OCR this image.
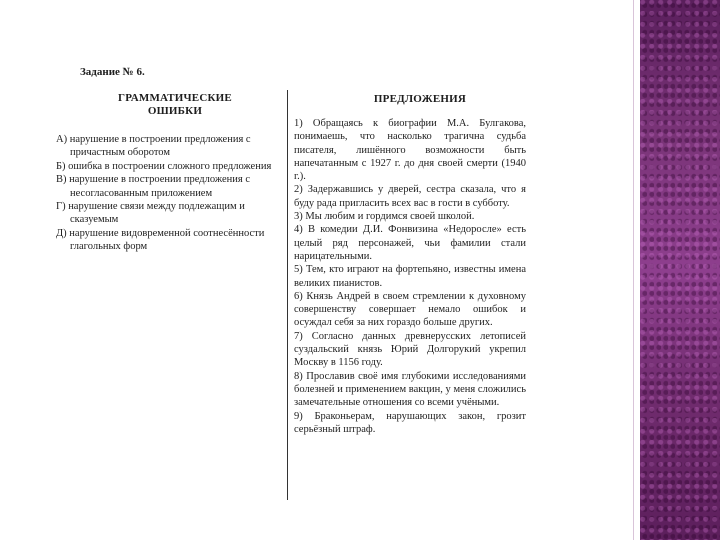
Задание № 6.

ГРАММАТИЧЕСКИЕ ОШИБКИ
ПРЕДЛОЖЕНИЯ
А) нарушение в построении предложения с причастным оборотом
Б) ошибка в построении сложного предложения
В) нарушение в построении предложения с несогласованным приложением
Г) нарушение связи между подлежащим и сказуемым
Д) нарушение видовременной соотнесённости глагольных форм
1) Обращаясь к биографии М.А. Булгакова, понимаешь, что насколько трагична судьба писателя, лишённого возможности быть напечатанным с 1927 г. до дня своей смерти (1940 г.).
2) Задержавшись у дверей, сестра сказала, что я буду рада пригласить всех вас в гости в субботу.
3) Мы любим и гордимся своей школой.
4) В комедии Д.И. Фонвизина «Недоросле» есть целый ряд персонажей, чьи фамилии стали нарицательными.
5) Тем, кто играют на фортепьяно, известны имена великих пианистов.
6) Князь Андрей в своем стремлении к духовному совершенству совершает немало ошибок и осуждал себя за них гораздо больше других.
7) Согласно данных древнерусских летописей суздальский князь Юрий Долгорукий укрепил Москву в 1156 году.
8) Прославив своё имя глубокими исследованиями болезней и применением вакцин, у меня сложились замечательные отношения со всеми учёными.
9) Браконьерам, нарушающих закон, грозит серьёзный штраф.
